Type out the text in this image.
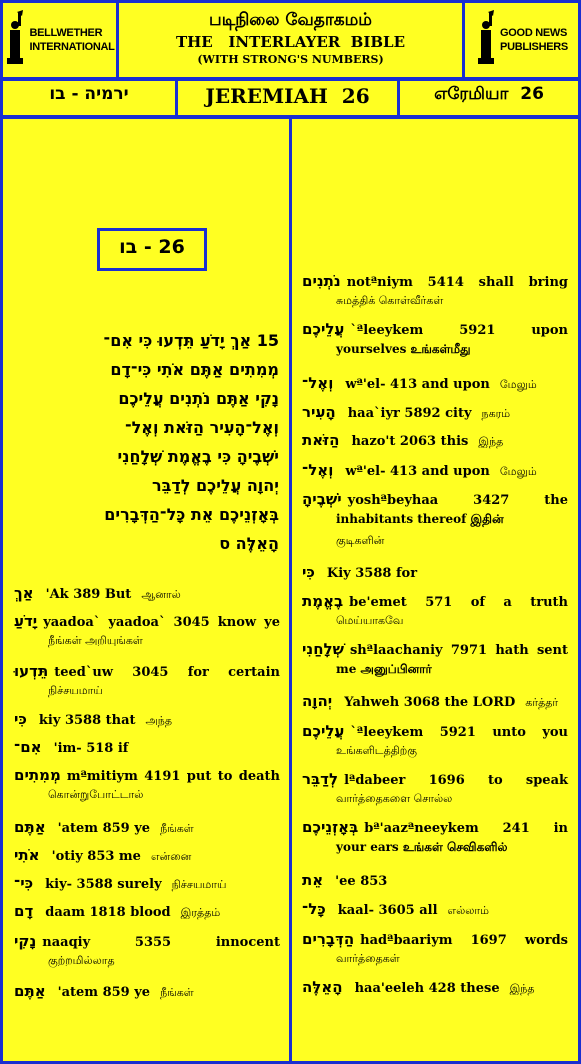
BELLWETHER
INTERNATIONAL
படிநிலை வேதாகமம்
THE   INTERLAYER  BIBLE
(WITH STRONG'S NUMBERS)
GOOD NEWS
PUBLISHERS
ירמיה - בו	JEREMIAH  26	எரேமியா  26
26 - בו
15 אַךְ יָדֹעַ תֵּדְעוּ כִּי אִם־
מְמִתִים אַתֶּם אֹתִי כִּי־דָם
נָקִי אַתֶּם נֹתְנִים עֲלֵיכֶם
וְאֶל־הָעִיר הַזֹּאת וְאֶל־
יֹשְׁבֶיהָ כִּי בֶאֱמֶת שְׁלָחַנִי
יְהוָה עֲלֵיכֶם לְדַבֵּר
בְּאָזְנֵיכֶם אֵת כָּל־הַדְּבָרִים
הָאֵלֶּה ס
אַךְ 'Ak 389 But ஆனால்
יָדֹעַ yaadoa` yaadoa` 3045 know ye
நீங்கள் அறியுங்கள்
תֵּדְעוּ teed`uw 3045 for certain
நிச்சயமாய்
כִּי kiy 3588 that அந்த
אִם־ 'im- 518 if
מְמִתִים mªmitiym 4191 put to death
கொன்றுபோட்டால்
אַתֶּם 'atem 859 ye நீங்கள்
אֹתִי 'otiy 853 me என்னை
כִּי־ kiy- 3588 surely நிச்சயமாய்
דָם daam 1818 blood இரத்தம்
נָקִי naaqiy 5355 innocent
குற்றமில்லாத
אַתֶּם 'atem 859 ye நீங்கள்
נֹתְנִים notªniym 5414 shall bring
சுமத்திக் கொள்வீர்கள்
עֲלֵיכֶם `ªleeykem 5921 upon
yourselves உங்கள்மீது
וְאֶל־ wª'el- 413 and upon மேலும்
הָעִיר haa`iyr 5892 city நகரம்
הַזֹּאת hazo't 2063 this இந்த
וְאֶל־ wª'el- 413 and upon மேலும்
יֹשְׁבֶיהָ yoshªbeyhaa 3427 the
inhabitants thereof இதின்
குடிகளின்
כִּי Kiy 3588 for
בֶאֱמֶת be'emet 571 of a truth
மெய்யாகவே
שְׁלָחַנִי shªlaachaniy 7971 hath sent
me அனுப்பினார்
יְהוָה Yahweh 3068 the LORD கர்த்தர்
עֲלֵיכֶם `ªleeykem 5921 unto you
உங்களிடத்திற்கு
לְדַבֵּר lªdabeer 1696 to speak
வார்த்தைகளை சொல்ல
בְּאָזְנֵיכֶם bª'aazªneeykem 241 in
your ears உங்கள் செவிகளில்
אֵת 'ee 853
כָּל־ kaal- 3605 all எல்லாம்
הַדְּבָרִים hadªbaariym 1697 words
வார்த்தைகள்
הָאֵלֶּה haa'eeleh 428 these இந்த
